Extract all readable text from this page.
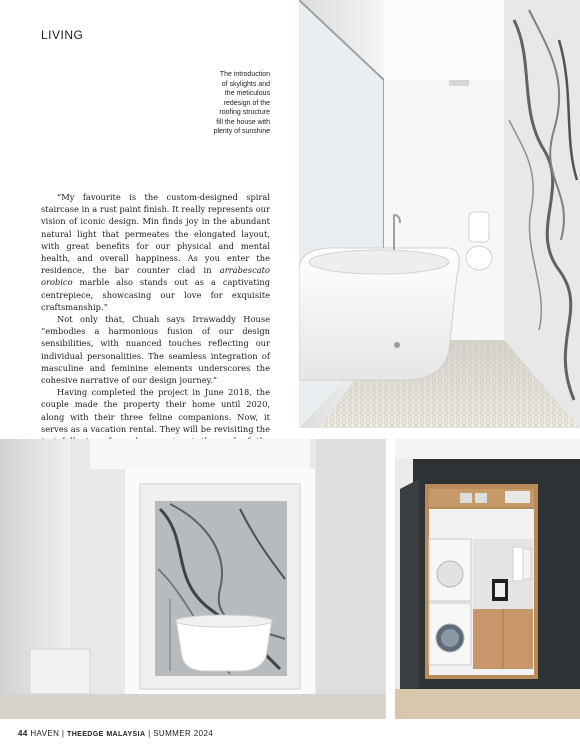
LIVING
The introduction
of skylights and
the meticulous
redesign of the
roofing structure
fill the house with
plenty of sunshine

“My favourite is the custom-designed spiral staircase in a rust paint finish. It really represents our vision of iconic design. Min finds joy in the abundant natural light that permeates the elongated layout, with great benefits for our physical and mental health, and overall happiness. As you enter the residence, the bar counter clad in arrabescato orobico marble also stands out as a captivating centrepiece, showcasing our love for exquisite craftsmanship.”

Not only that, Chuah says Irrawaddy House “embodies a harmonious fusion of our design sensibilities, with nuanced touches reflecting our individual personalities. The seamless integration of masculine and feminine elements underscores the cohesive narrative of our design journey.”

Having completed the project in June 2018, the couple made the property their home until 2020, along with their three feline companions. Now, it serves as a vacation rental. They will be revisiting the

44 HAVEN | THEEDGE MALAYSIA | SUMMER 2024
